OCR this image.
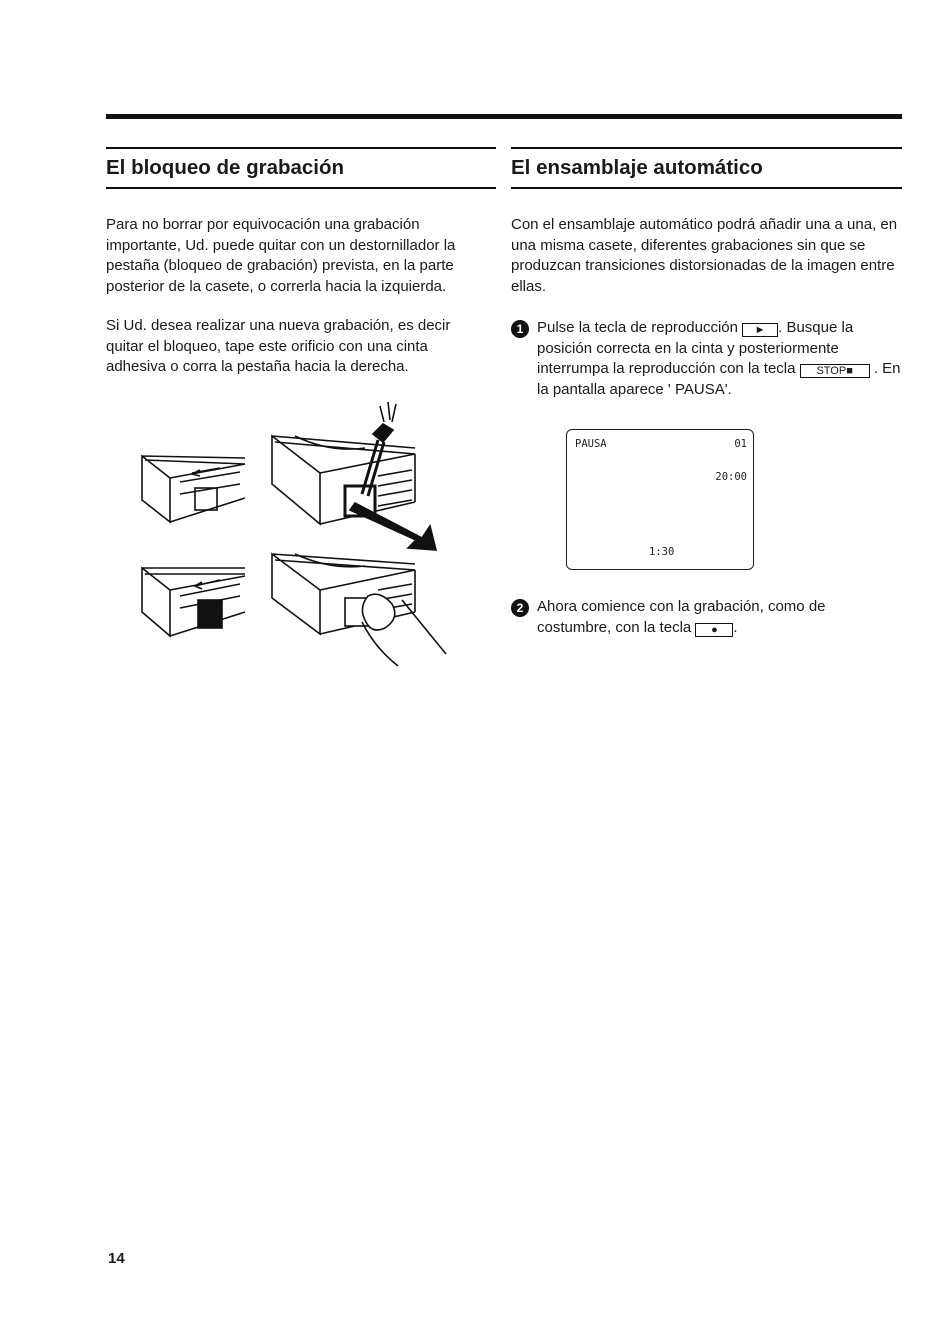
El bloqueo de grabación

Para no borrar por equivocación una grabación importante, Ud. puede quitar con un destornillador la pestaña (bloqueo de grabación) prevista, en la parte posterior de la casete, o correrla hacia la izquierda.

Si Ud. desea realizar una nueva grabación, es decir quitar el bloqueo, tape este orificio con una cinta adhesiva o corra la pestaña hacia la derecha.

El ensamblaje automático

Con el ensamblaje automático podrá añadir una a una, en una misma casete, diferentes grabaciones sin que se produzcan transiciones distorsionadas de la imagen entre ellas.

1 Pulse la tecla de reproducción ► . Busque la posición correcta en la cinta y posteriormente interrumpa la reproducción con la tecla STOP■ . En la pantalla aparece ' PAUSA'.

PAUSA	01
20:00
1:30
2 Ahora comience con la grabación, como de costumbre, con la tecla ● .

14
